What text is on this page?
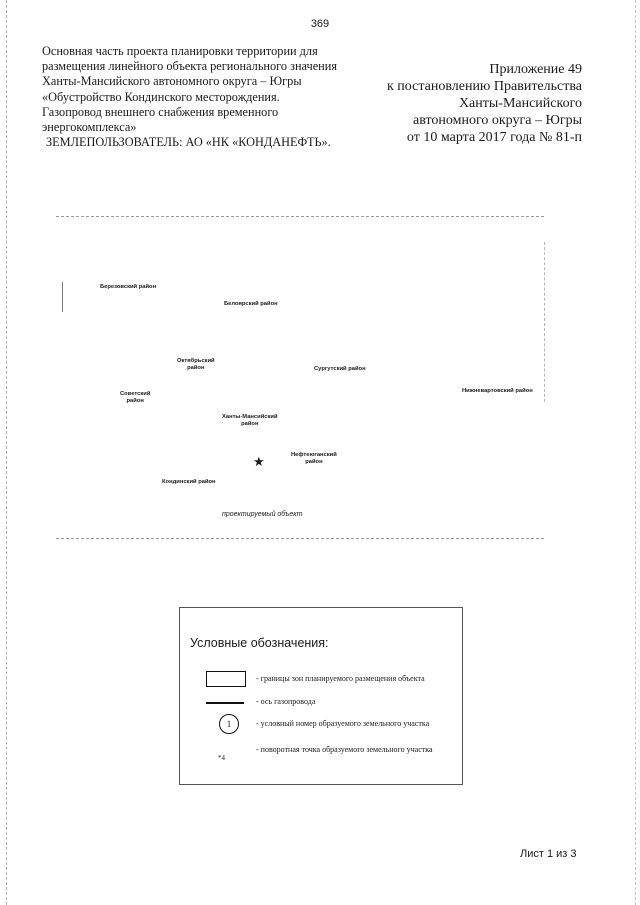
369
Основная часть проекта планировки территории для
размещения линейного объекта регионального значения
Ханты-Мансийского автономного округа – Югры
«Обустройство Кондинского месторождения.
Газопровод внешнего снабжения временного
энергокомплекса»
ЗЕМЛЕПОЛЬЗОВАТЕЛЬ: АО «НК «КОНДАНЕФТЬ».
Приложение 49
к постановлению Правительства
Ханты-Мансийского
автономного округа – Югры
от 10 марта 2017 года № 81-п
Березовский район
Белоярский район
Октябрьский
район	Сургутский район
Советский
район
Нижневартовский район
Ханты-Мансийский
район
Нефтеюганский
район
Кондинский район
★
проектируемый объект
Условные обозначения:
- границы зон планируемого размещения объекта
- ось газопровода
1	- условный номер образуемого земельного участка
*4
- поворотная точка образуемого земельного участка
Лист 1 из 3
